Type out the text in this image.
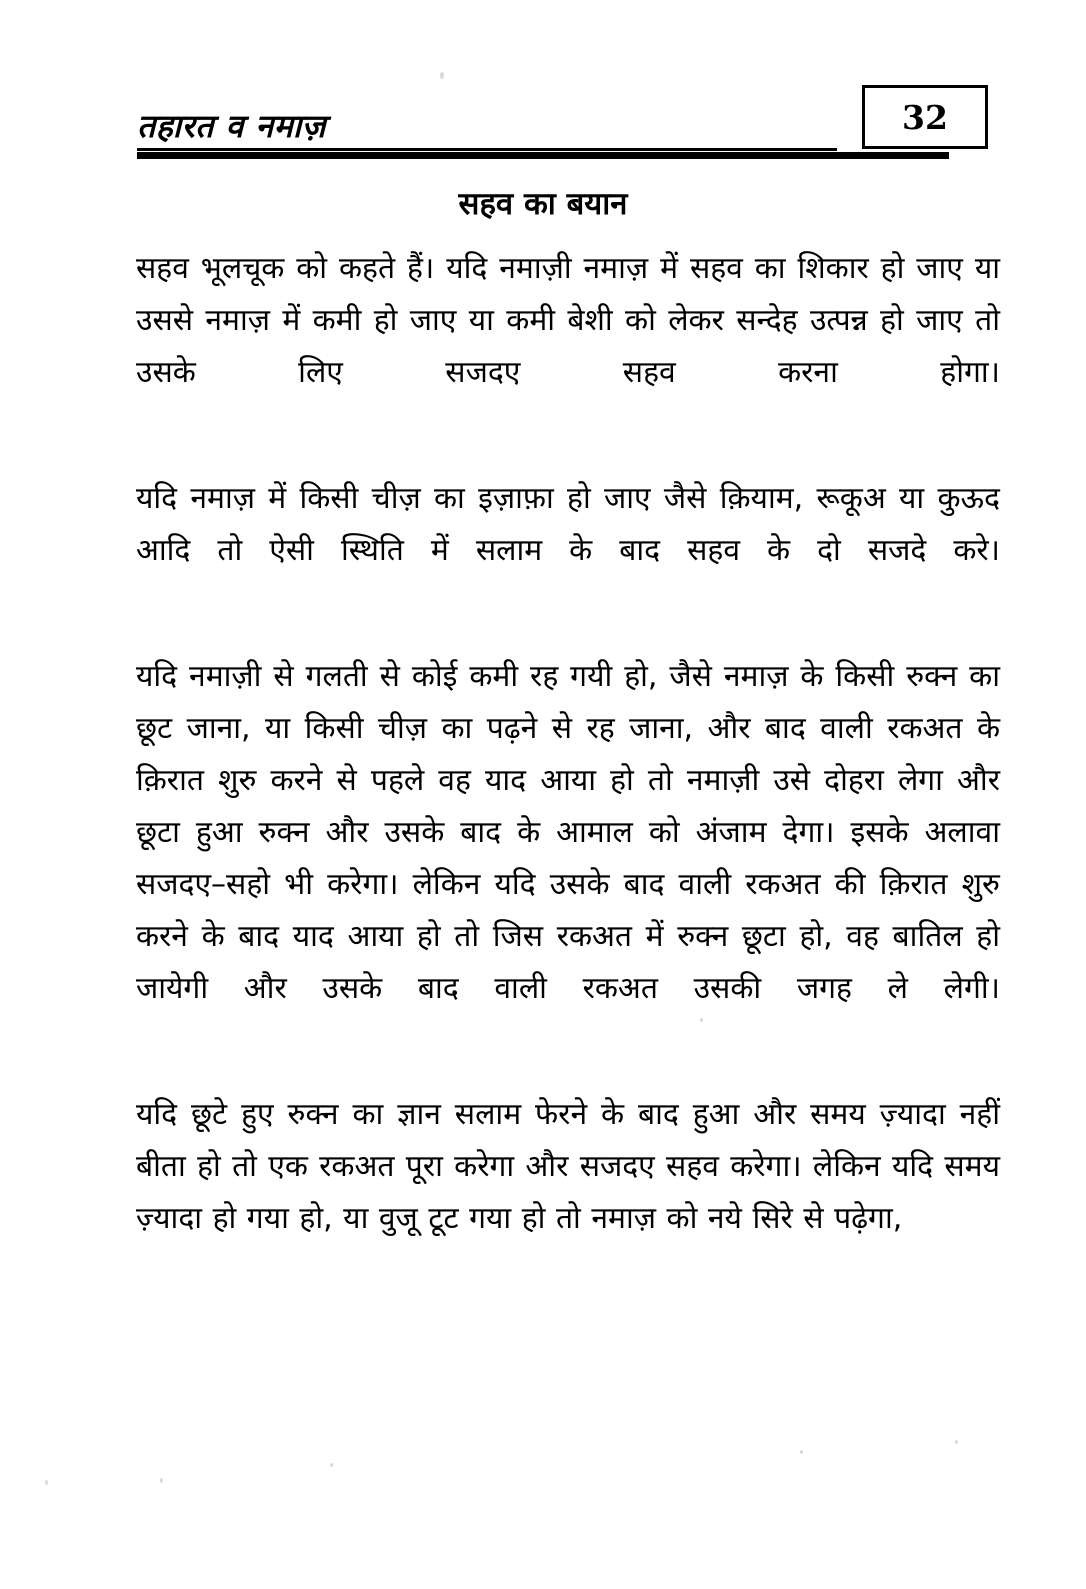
तहारत व नमाज़	32
सहव का बयान

सहव भूलचूक को कहते हैं। यदि नमाज़ी नमाज़ में सहव का शिकार हो जाए या उससे नमाज़ में कमी हो जाए या कमी बेशी को लेकर सन्देह उत्पन्न हो जाए तो उसके लिए सजदए सहव करना होगा।

यदि नमाज़ में किसी चीज़ का इज़ाफ़ा हो जाए जैसे क़ियाम, रूकूअ या कुऊद आदि तो ऐसी स्थिति में सलाम के बाद सहव के दो सजदे करे।

यदि नमाज़ी से गलती से कोई कमी रह गयी हो, जैसे नमाज़ के किसी रुक्न का छूट जाना, या किसी चीज़ का पढ़ने से रह जाना, और बाद वाली रकअत के क़िरात शुरु करने से पहले वह याद आया हो तो नमाज़ी उसे दोहरा लेगा और छूटा हुआ रुक्न और उसके बाद के आमाल को अंजाम देगा। इसके अलावा सजदए–सहो भी करेगा। लेकिन यदि उसके बाद वाली रकअत की क़िरात शुरु करने के बाद याद आया हो तो जिस रकअत में रुक्न छूटा हो, वह बातिल हो जायेगी और उसके बाद वाली रकअत उसकी जगह ले लेगी।

यदि छूटे हुए रुक्न का ज्ञान सलाम फेरने के बाद हुआ और समय ज़्यादा नहीं बीता हो तो एक रकअत पूरा करेगा और सजदए सहव करेगा। लेकिन यदि समय ज़्यादा हो गया हो, या वुजू टूट गया हो तो नमाज़ को नये सिरे से पढ़ेगा,
